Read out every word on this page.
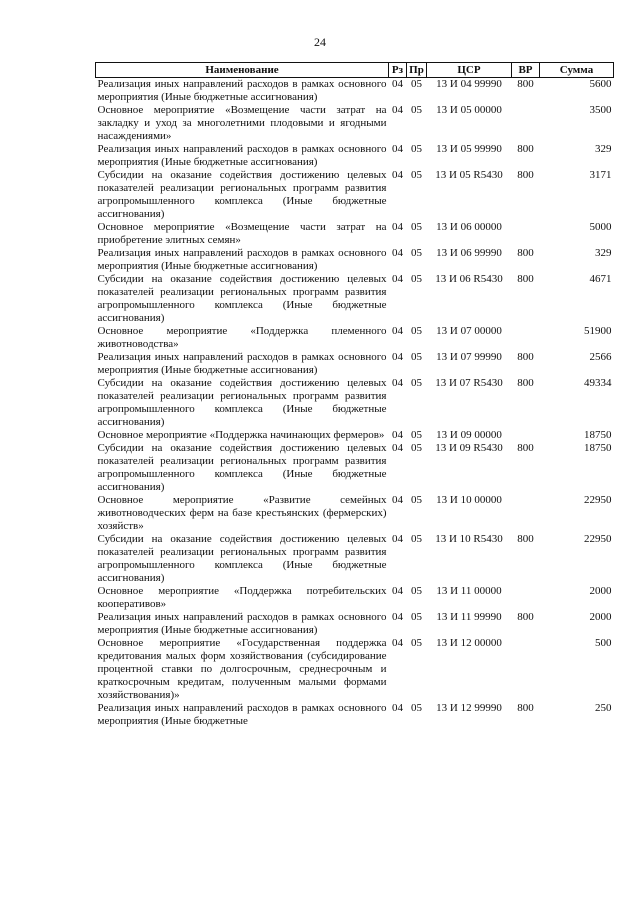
24
Наименование	Рз	Пр	ЦСР	ВР	Сумма
Реализация иных направлений расходов в рамках основного мероприятия (Иные бюджетные ассигнования)	04	05	13 И 04 99990	800	5600
Основное мероприятие «Возмещение части затрат на закладку и уход за многолетними плодовыми и ягодными насаждениями»	04	05	13 И 05 00000		3500
Реализация иных направлений расходов в рамках основного мероприятия (Иные бюджетные ассигнования)	04	05	13 И 05 99990	800	329
Субсидии на оказание содействия достижению целевых показателей реализации региональных программ развития агропромышленного комплекса (Иные бюджетные ассигнования)	04	05	13 И 05 R5430	800	3171
Основное мероприятие «Возмещение части затрат на приобретение элитных семян»	04	05	13 И 06 00000		5000
Реализация иных направлений расходов в рамках основного мероприятия (Иные бюджетные ассигнования)	04	05	13 И 06 99990	800	329
Субсидии на оказание содействия достижению целевых показателей реализации региональных программ развития агропромышленного комплекса (Иные бюджетные ассигнования)	04	05	13 И 06 R5430	800	4671
Основное мероприятие «Поддержка племенного животноводства»	04	05	13 И 07 00000		51900
Реализация иных направлений расходов в рамках основного мероприятия (Иные бюджетные ассигнования)	04	05	13 И 07 99990	800	2566
Субсидии на оказание содействия достижению целевых показателей реализации региональных программ развития агропромышленного комплекса (Иные бюджетные ассигнования)	04	05	13 И 07 R5430	800	49334
Основное мероприятие «Поддержка начинающих фермеров»	04	05	13 И 09 00000		18750
Субсидии на оказание содействия достижению целевых показателей реализации региональных программ развития агропромышленного комплекса (Иные бюджетные ассигнования)	04	05	13 И 09 R5430	800	18750
Основное мероприятие «Развитие семейных животноводческих ферм на базе крестьянских (фермерских) хозяйств»	04	05	13 И 10 00000		22950
Субсидии на оказание содействия достижению целевых показателей реализации региональных программ развития агропромышленного комплекса (Иные бюджетные ассигнования)	04	05	13 И 10 R5430	800	22950
Основное мероприятие «Поддержка потребительских кооперативов»	04	05	13 И 11 00000		2000
Реализация иных направлений расходов в рамках основного мероприятия (Иные бюджетные ассигнования)	04	05	13 И 11 99990	800	2000
Основное мероприятие «Государственная поддержка кредитования малых форм хозяйствования (субсидирование процентной ставки по долгосрочным, среднесрочным и краткосрочным кредитам, полученным малыми формами хозяйствования)»	04	05	13 И 12 00000		500
Реализация иных направлений расходов в рамках основного мероприятия (Иные бюджетные	04	05	13 И 12 99990	800	250
